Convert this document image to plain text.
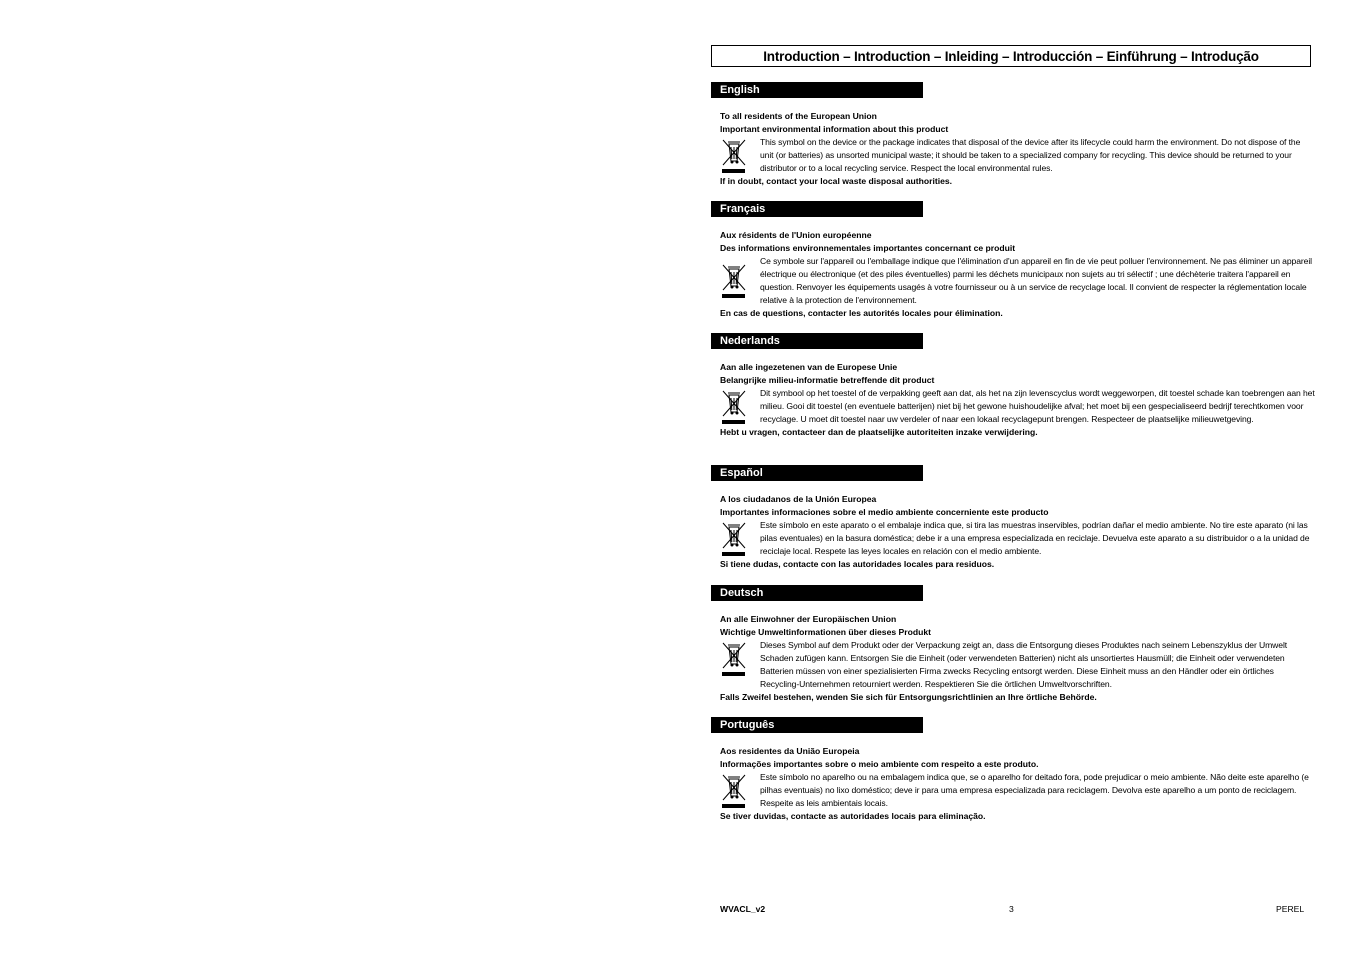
Introduction – Introduction – Inleiding – Introducción – Einführung – Introdução
English
To all residents of the European Union
Important environmental information about this product
This symbol on the device or the package indicates that disposal of the device after its lifecycle could harm the environment. Do not dispose of the unit (or batteries) as unsorted municipal waste; it should be taken to a specialized company for recycling. This device should be returned to your distributor or to a local recycling service. Respect the local environmental rules.
If in doubt, contact your local waste disposal authorities.
Français
Aux résidents de l'Union européenne
Des informations environnementales importantes concernant ce produit
Ce symbole sur l'appareil ou l'emballage indique que l'élimination d'un appareil en fin de vie peut polluer l'environnement. Ne pas éliminer un appareil électrique ou électronique (et des piles éventuelles) parmi les déchets municipaux non sujets au tri sélectif ; une déchèterie traitera l'appareil en question. Renvoyer les équipements usagés à votre fournisseur ou à un service de recyclage local. Il convient de respecter la réglementation locale relative à la protection de l'environnement.
En cas de questions, contacter les autorités locales pour élimination.
Nederlands
Aan alle ingezetenen van de Europese Unie
Belangrijke milieu-informatie betreffende dit product
Dit symbool op het toestel of de verpakking geeft aan dat, als het na zijn levenscyclus wordt weggeworpen, dit toestel schade kan toebrengen aan het milieu. Gooi dit toestel (en eventuele batterijen) niet bij het gewone huishoudelijke afval; het moet bij een gespecialiseerd bedrijf terechtkomen voor recyclage. U moet dit toestel naar uw verdeler of naar een lokaal recyclagepunt brengen. Respecteer de plaatselijke milieuwetgeving.
Hebt u vragen, contacteer dan de plaatselijke autoriteiten inzake verwijdering.
Español
A los ciudadanos de la Unión Europea
Importantes informaciones sobre el medio ambiente concerniente este producto
Este símbolo en este aparato o el embalaje indica que, si tira las muestras inservibles, podrían dañar el medio ambiente. No tire este aparato (ni las pilas eventuales) en la basura doméstica; debe ir a una empresa especializada en reciclaje. Devuelva este aparato a su distribuidor o a la unidad de reciclaje local. Respete las leyes locales en relación con el medio ambiente.
Si tiene dudas, contacte con las autoridades locales para residuos.
Deutsch
An alle Einwohner der Europäischen Union
Wichtige Umweltinformationen über dieses Produkt
Dieses Symbol auf dem Produkt oder der Verpackung zeigt an, dass die Entsorgung dieses Produktes nach seinem Lebenszyklus der Umwelt Schaden zufügen kann. Entsorgen Sie die Einheit (oder verwendeten Batterien) nicht als unsortiertes Hausmüll; die Einheit oder verwendeten Batterien müssen von einer spezialisierten Firma zwecks Recycling entsorgt werden. Diese Einheit muss an den Händler oder ein örtliches Recycling-Unternehmen retourniert werden. Respektieren Sie die örtlichen Umweltvorschriften.
Falls Zweifel bestehen, wenden Sie sich für Entsorgungsrichtlinien an Ihre örtliche Behörde.
Português
Aos residentes da União Europeia
Informações importantes sobre o meio ambiente com respeito a este produto.
Este símbolo no aparelho ou na embalagem indica que, se o aparelho for deitado fora, pode prejudicar o meio ambiente. Não deite este aparelho (e pilhas eventuais) no lixo doméstico; deve ir para uma empresa especializada para reciclagem. Devolva este aparelho a um ponto de reciclagem. Respeite as leis ambientais locais.
Se tiver duvidas, contacte as autoridades locais para eliminação.
WVACL_v2	3	PEREL
